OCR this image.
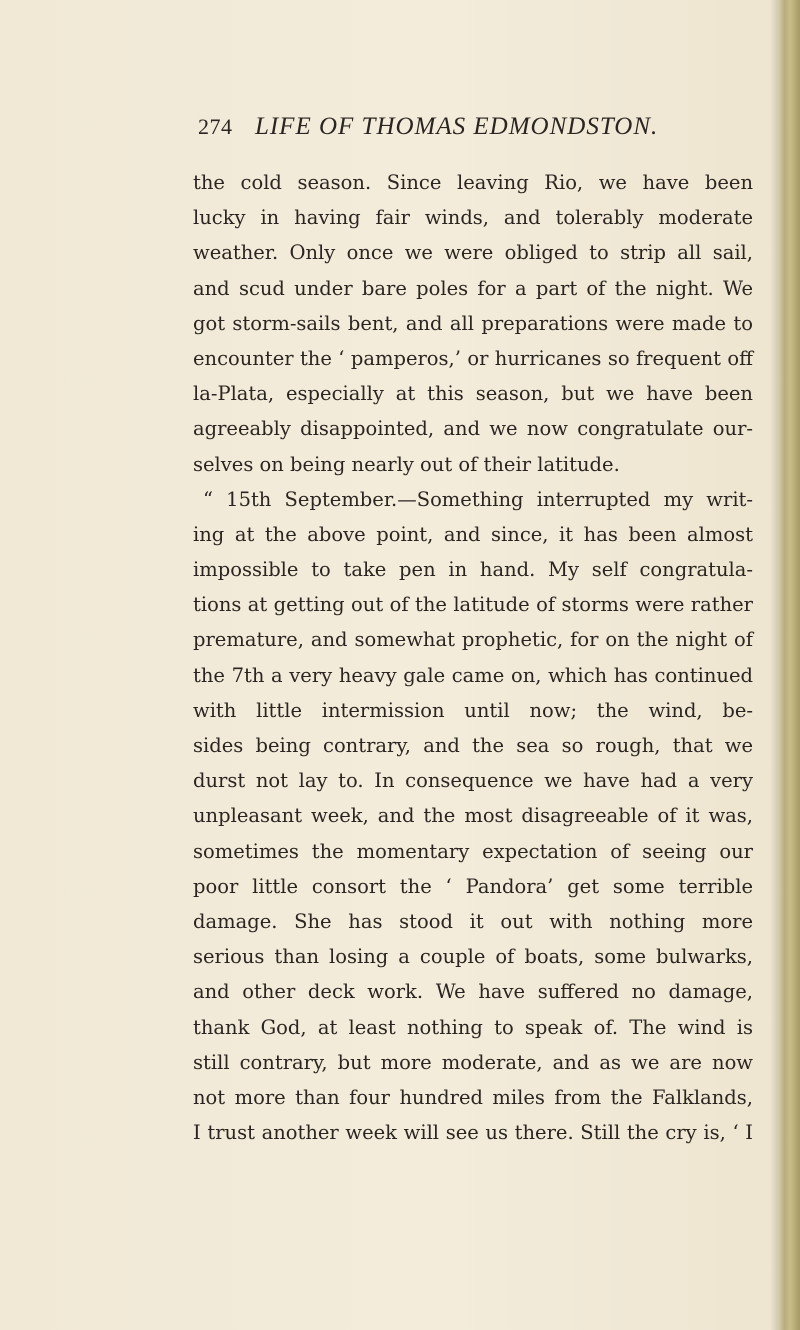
274 LIFE OF THOMAS EDMONDSTON.
the cold season. Since leaving Rio, we have been
lucky in having fair winds, and tolerably moderate
weather. Only once we were obliged to strip all sail,
and scud under bare poles for a part of the night. We
got storm-sails bent, and all preparations were made to
encounter the ‘ pamperos,’ or hurricanes so frequent off
la-Plata, especially at this season, but we have been
agreeably disappointed, and we now congratulate our-
selves on being nearly out of their latitude.
“ 15th September.—Something interrupted my writ-
ing at the above point, and since, it has been almost
impossible to take pen in hand. My self congratula-
tions at getting out of the latitude of storms were rather
premature, and somewhat prophetic, for on the night of
the 7th a very heavy gale came on, which has continued
with little intermission until now; the wind, be-
sides being contrary, and the sea so rough, that we
durst not lay to. In consequence we have had a very
unpleasant week, and the most disagreeable of it was,
sometimes the momentary expectation of seeing our
poor little consort the ‘ Pandora’ get some terrible
damage. She has stood it out with nothing more
serious than losing a couple of boats, some bulwarks,
and other deck work. We have suffered no damage,
thank God, at least nothing to speak of. The wind is
still contrary, but more moderate, and as we are now
not more than four hundred miles from the Falklands,
I trust another week will see us there. Still the cry is, ‘ I
